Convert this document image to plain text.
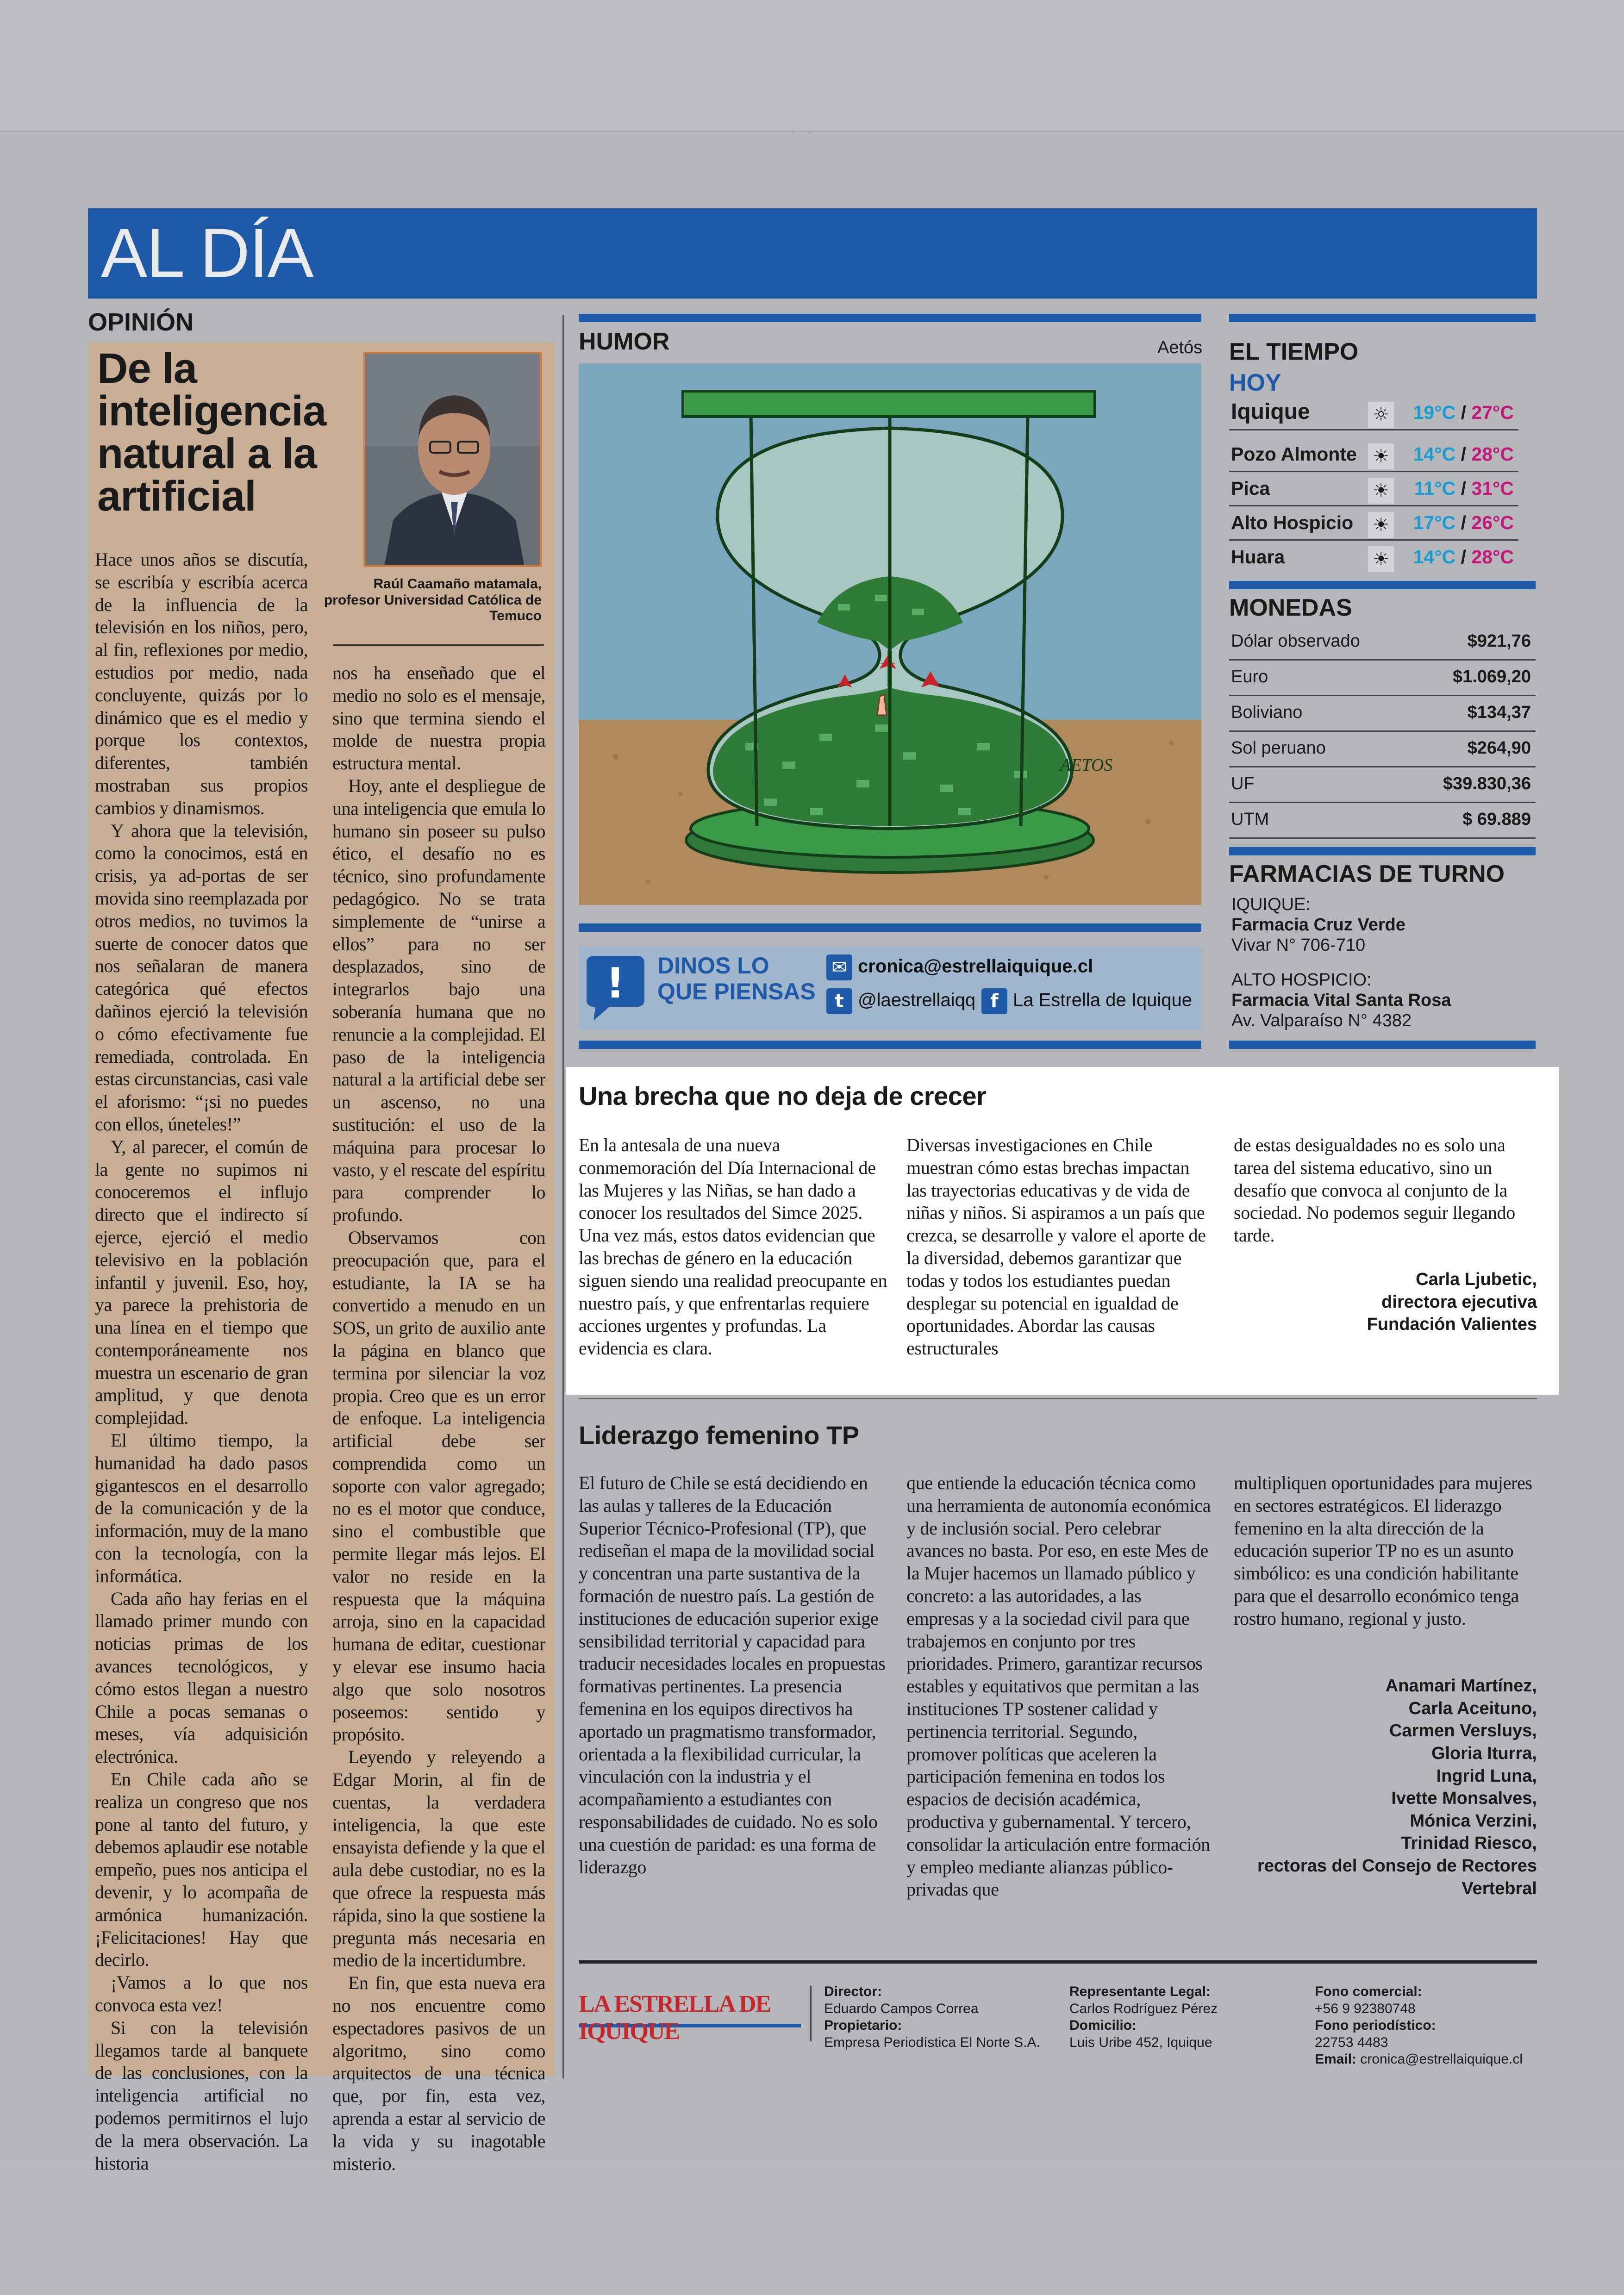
AL DÍA
OPINIÓN
De la inteligencia natural a la artificial
Raúl Caamaño matamala, profesor Universidad Católica de Temuco

Hace unos años se discutía, se escribía y escribía acerca de la influencia de la televisión en los niños, pero, al fin, reflexiones por medio, estudios por medio, nada concluyente, quizás por lo dinámico que es el medio y porque los contextos, diferentes, también mostraban sus propios cambios y dinamismos.

Y ahora que la televisión, como la conocimos, está en crisis, ya ad-portas de ser movida sino reemplazada por otros medios, no tuvimos la suerte de conocer datos que nos señalaran de manera categórica qué efectos dañinos ejerció la televisión o cómo efectivamente fue remediada, controlada. En estas circunstancias, casi vale el aforismo: “¡si no puedes con ellos, úneteles!”

Y, al parecer, el común de la gente no supimos ni conoceremos el influjo directo que el indirecto sí ejerce, ejerció el medio televisivo en la población infantil y juvenil. Eso, hoy, ya parece la prehistoria de una línea en el tiempo que contemporáneamente nos muestra un escenario de gran amplitud, y que denota complejidad.

El último tiempo, la humanidad ha dado pasos gigantescos en el desarrollo de la comunicación y de la información, muy de la mano con la tecnología, con la informática.

Cada año hay ferias en el llamado primer mundo con noticias primas de los avances tecnológicos, y cómo estos llegan a nuestro Chile a pocas semanas o meses, vía adquisición electrónica.

En Chile cada año se realiza un congreso que nos pone al tanto del futuro, y debemos aplaudir ese notable empeño, pues nos anticipa el devenir, y lo acompaña de armónica humanización. ¡Felicitaciones! Hay que decirlo.

¡Vamos a lo que nos convoca esta vez!

Si con la televisión llegamos tarde al banquete de las conclusiones, con la inteligencia artificial no podemos permitirnos el lujo de la mera observación. La historia

nos ha enseñado que el medio no solo es el mensaje, sino que termina siendo el molde de nuestra propia estructura mental.

Hoy, ante el despliegue de una inteligencia que emula lo humano sin poseer su pulso ético, el desafío no es técnico, sino profundamente pedagógico. No se trata simplemente de “unirse a ellos” para no ser desplazados, sino de integrarlos bajo una soberanía humana que no renuncie a la complejidad. El paso de la inteligencia natural a la artificial debe ser un ascenso, no una sustitución: el uso de la máquina para procesar lo vasto, y el rescate del espíritu para comprender lo profundo.

Observamos con preocupación que, para el estudiante, la IA se ha convertido a menudo en un SOS, un grito de auxilio ante la página en blanco que termina por silenciar la voz propia. Creo que es un error de enfoque. La inteligencia artificial debe ser comprendida como un soporte con valor agregado; no es el motor que conduce, sino el combustible que permite llegar más lejos. El valor no reside en la respuesta que la máquina arroja, sino en la capacidad humana de editar, cuestionar y elevar ese insumo hacia algo que solo nosotros poseemos: sentido y propósito.

Leyendo y releyendo a Edgar Morin, al fin de cuentas, la verdadera inteligencia, la que este ensayista defiende y la que el aula debe custodiar, no es la que ofrece la respuesta más rápida, sino la que sostiene la pregunta más necesaria en medio de la incertidumbre.

En fin, que esta nueva era no nos encuentre como espectadores pasivos de un algoritmo, sino como arquitectos de una técnica que, por fin, esta vez, aprenda a estar al servicio de la vida y su inagotable misterio.

HUMOR	Aetós
AETOS
! DINOS LO
QUE PIENSAS
✉ cronica@estrellaiquique.cl
t @laestrellaiqq f La Estrella de Iquique
EL TIEMPO
HOY
Iquique	☼ 19°C / 27°C
Pozo Almonte ☀ 14°C / 28°C
Pica	☀ 11°C / 31°C
Alto Hospicio ☀ 17°C / 26°C
Huara	☀ 14°C / 28°C
MONEDAS
Dólar observado	$921,76
Euro	$1.069,20
Boliviano	$134,37
Sol peruano	$264,90
UF	$39.830,36
UTM	$ 69.889
FARMACIAS DE TURNO
IQUIQUE:
Farmacia Cruz Verde
Vivar N° 706-710
ALTO HOSPICIO:
Farmacia Vital Santa Rosa
Av. Valparaíso N° 4382
Una brecha que no deja de crecer
En la antesala de una nueva conmemoración del Día Internacional de las Mujeres y las Niñas, se han dado a conocer los resultados del Simce 2025. Una vez más, estos datos evidencian que las brechas de género en la educación siguen siendo una realidad preocupante en nuestro país, y que enfrentarlas requiere acciones urgentes y profundas. La evidencia es clara.
Diversas investigaciones en Chile muestran cómo estas brechas impactan las trayectorias educativas y de vida de niñas y niños. Si aspiramos a un país que crezca, se desarrolle y valore el aporte de la diversidad, debemos garantizar que todas y todos los estudiantes puedan desplegar su potencial en igualdad de oportunidades. Abordar las causas estructurales
de estas desigualdades no es solo una tarea del sistema educativo, sino un desafío que convoca al conjunto de la sociedad. No podemos seguir llegando tarde.
Carla Ljubetic,
directora ejecutiva
Fundación Valientes
Liderazgo femenino TP
El futuro de Chile se está decidiendo en las aulas y talleres de la Educación Superior Técnico-Profesional (TP), que rediseñan el mapa de la movilidad social y concentran una parte sustantiva de la formación de nuestro país. La gestión de instituciones de educación superior exige sensibilidad territorial y capacidad para traducir necesidades locales en propuestas formativas pertinentes. La presencia femenina en los equipos directivos ha aportado un pragmatismo transformador, orientada a la flexibilidad curricular, la vinculación con la industria y el acompañamiento a estudiantes con responsabilidades de cuidado. No es solo una cuestión de paridad: es una forma de liderazgo
que entiende la educación técnica como una herramienta de autonomía económica y de inclusión social. Pero celebrar avances no basta. Por eso, en este Mes de la Mujer hacemos un llamado público y concreto: a las autoridades, a las empresas y a la sociedad civil para que trabajemos en conjunto por tres prioridades. Primero, garantizar recursos estables y equitativos que permitan a las instituciones TP sostener calidad y pertinencia territorial. Segundo, promover políticas que aceleren la participación femenina en todos los espacios de decisión académica, productiva y gubernamental. Y tercero, consolidar la articulación entre formación y empleo mediante alianzas público-privadas que
multipliquen oportunidades para mujeres en sectores estratégicos. El liderazgo femenino en la alta dirección de la educación superior TP no es un asunto simbólico: es una condición habilitante para que el desarrollo económico tenga rostro humano, regional y justo.
Anamari Martínez,
Carla Aceituno,
Carmen Versluys,
Gloria Iturra,
Ingrid Luna,
Ivette Monsalves,
Mónica Verzini,
Trinidad Riesco,
rectoras del Consejo de Rectores
Vertebral
LA ESTRELLA DE IQUIQUE
Director:
Eduardo Campos Correa
Propietario:
Empresa Periodística El Norte S.A.
Representante Legal:
Carlos Rodríguez Pérez
Domicilio:
Luis Uribe 452, Iquique
Fono comercial:
+56 9 92380748
Fono periodístico:
22753 4483
Email: cronica@estrellaiquique.cl
